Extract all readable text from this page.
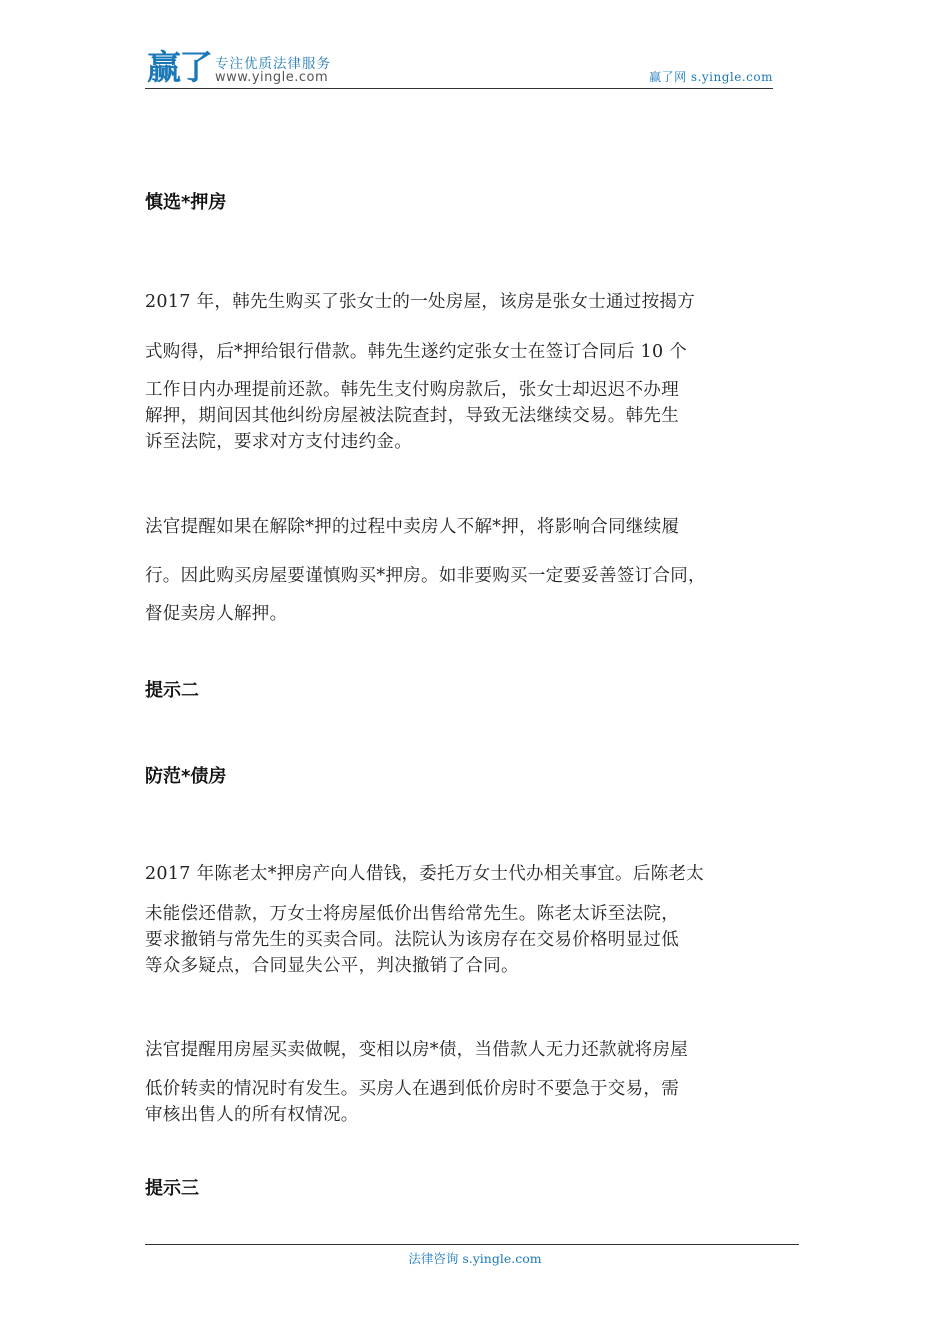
赢了 专注优质法律服务
www.yingle.com	赢了网 s.yingle.com
慎选*押房
2017 年，韩先生购买了张女士的一处房屋，该房是张女士通过按揭方
式购得，后*押给银行借款。韩先生遂约定张女士在签订合同后 10 个
工作日内办理提前还款。韩先生支付购房款后，张女士却迟迟不办理
解押，期间因其他纠纷房屋被法院查封，导致无法继续交易。韩先生
诉至法院，要求对方支付违约金。
法官提醒如果在解除*押的过程中卖房人不解*押，将影响合同继续履
行。因此购买房屋要谨慎购买*押房。如非要购买一定要妥善签订合同，
督促卖房人解押。
提示二
防范*债房
2017 年陈老太*押房产向人借钱，委托万女士代办相关事宜。后陈老太
未能偿还借款，万女士将房屋低价出售给常先生。陈老太诉至法院，
要求撤销与常先生的买卖合同。法院认为该房存在交易价格明显过低
等众多疑点，合同显失公平，判决撤销了合同。
法官提醒用房屋买卖做幌，变相以房*债，当借款人无力还款就将房屋
低价转卖的情况时有发生。买房人在遇到低价房时不要急于交易，需
审核出售人的所有权情况。
提示三
法律咨询 s.yingle.com
